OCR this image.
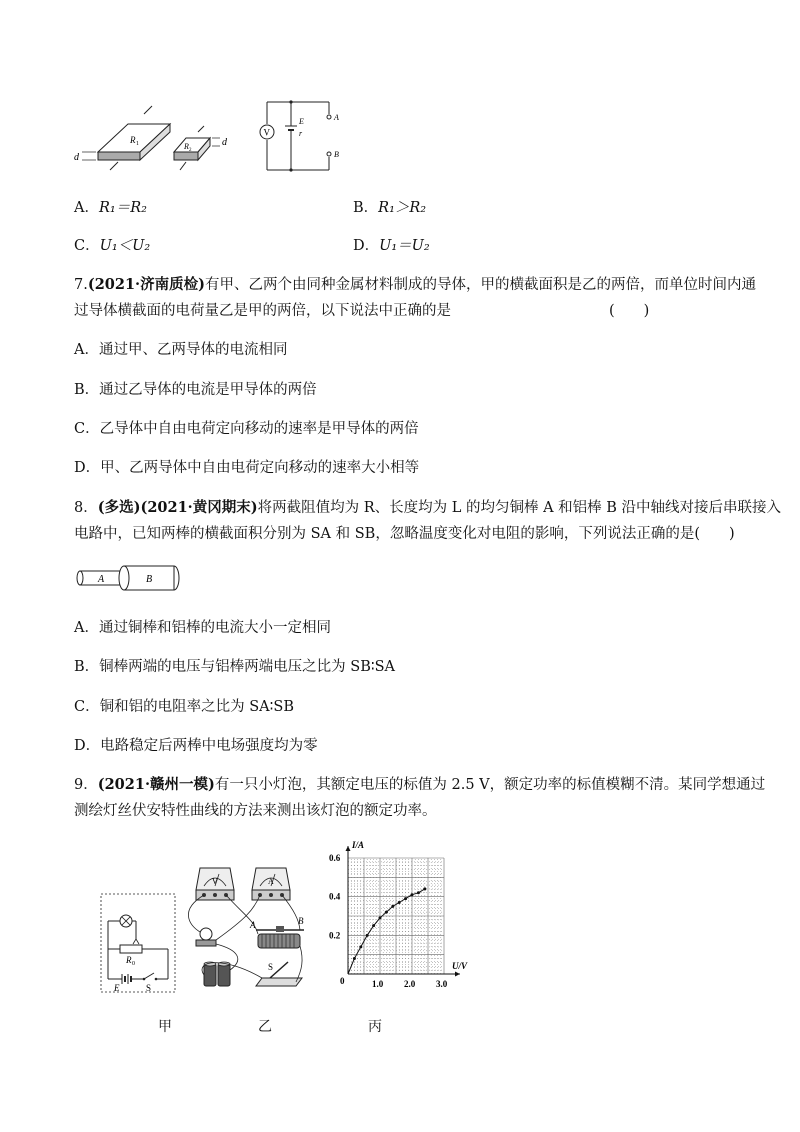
R 1
d
R 2
d
V
E
r
A
B
A．R₁＝R₂	B．R₁＞R₂
C．U₁＜U₂	D．U₁＝U₂
7.(2021·济南质检)有甲、乙两个由同种金属材料制成的导体，甲的横截面积是乙的两倍，而单位时间内通
过导体横截面的电荷量乙是甲的两倍，以下说法中正确的是	(　　)
A．通过甲、乙两导体的电流相同
B．通过乙导体的电流是甲导体的两倍
C．乙导体中自由电荷定向移动的速率是甲导体的两倍
D．甲、乙两导体中自由电荷定向移动的速率大小相等
8．(多选)(2021·黄冈期末)将两截阻值均为 R、长度均为 L 的均匀铜棒 A 和铝棒 B 沿中轴线对接后串联接入
电路中，已知两棒的横截面积分别为 SA 和 SB，忽略温度变化对电阻的影响，下列说法正确的是(　　)
A	B
A．通过铜棒和铝棒的电流大小一定相同
B．铜棒两端的电压与铝棒两端电压之比为 SB∶SA
C．铜和铝的电阻率之比为 SA∶SB
D．电路稳定后两棒中电场强度均为零
9．(2021·赣州一模)有一只小灯泡，其额定电压的标值为 2.5 V，额定功率的标值模糊不清。某同学想通过
测绘灯丝伏安特性曲线的方法来测出该灯泡的额定功率。
R 0
E	S
V	A
A	B
S
I/A
U/V
0	1.0 2.0 3.0
0.2
0.4
0.6
甲	乙	丙
